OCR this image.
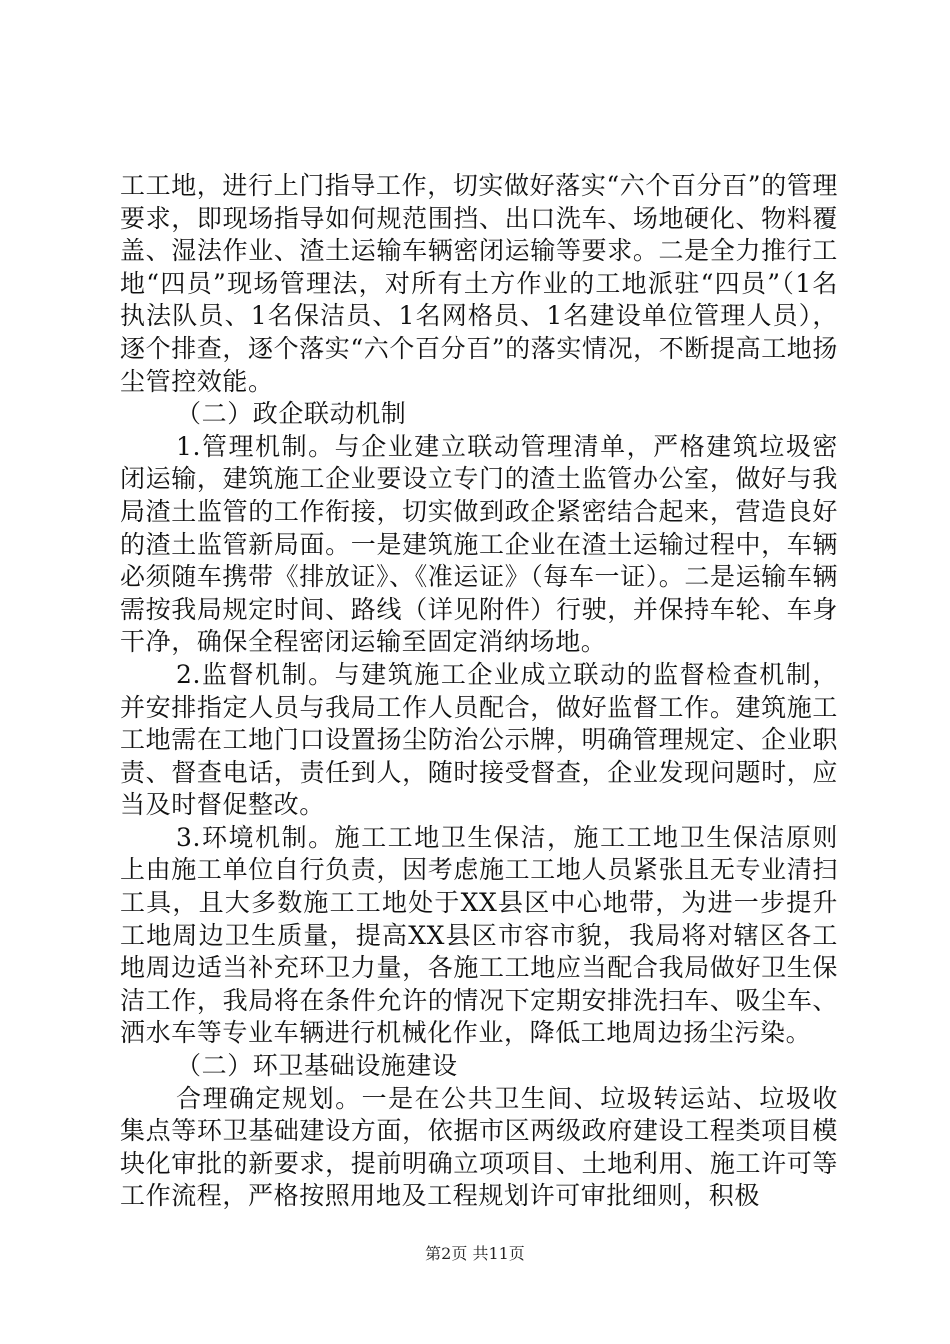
工工地，进行上门指导工作，切实做好落实“六个百分百”的管理要求，即现场指导如何规范围挡、出口洗车、场地硬化、物料覆盖、湿法作业、渣土运输车辆密闭运输等要求。二是全力推行工地“四员”现场管理法，对所有土方作业的工地派驻“四员”（1名执法队员、1名保洁员、1名网格员、1名建设单位管理人员），逐个排查，逐个落实“六个百分百”的落实情况，不断提高工地扬尘管控效能。

（二）政企联动机制

1.管理机制。与企业建立联动管理清单，严格建筑垃圾密闭运输，建筑施工企业要设立专门的渣土监管办公室，做好与我局渣土监管的工作衔接，切实做到政企紧密结合起来，营造良好的渣土监管新局面。一是建筑施工企业在渣土运输过程中，车辆必须随车携带《排放证》、《准运证》（每车一证）。二是运输车辆需按我局规定时间、路线（详见附件）行驶，并保持车轮、车身干净，确保全程密闭运输至固定消纳场地。

2.监督机制。与建筑施工企业成立联动的监督检查机制，并安排指定人员与我局工作人员配合，做好监督工作。建筑施工工地需在工地门口设置扬尘防治公示牌，明确管理规定、企业职责、督查电话，责任到人，随时接受督查，企业发现问题时，应当及时督促整改。

3.环境机制。施工工地卫生保洁，施工工地卫生保洁原则上由施工单位自行负责，因考虑施工工地人员紧张且无专业清扫工具，且大多数施工工地处于XX县区中心地带，为进一步提升工地周边卫生质量，提高XX县区市容市貌，我局将对辖区各工地周边适当补充环卫力量，各施工工地应当配合我局做好卫生保洁工作，我局将在条件允许的情况下定期安排洗扫车、吸尘车、洒水车等专业车辆进行机械化作业，降低工地周边扬尘污染。

（二）环卫基础设施建设

合理确定规划。一是在公共卫生间、垃圾转运站、垃圾收集点等环卫基础建设方面，依据市区两级政府建设工程类项目模块化审批的新要求，提前明确立项项目、土地利用、施工许可等工作流程，严格按照用地及工程规划许可审批细则，积极

第2页 共11页
